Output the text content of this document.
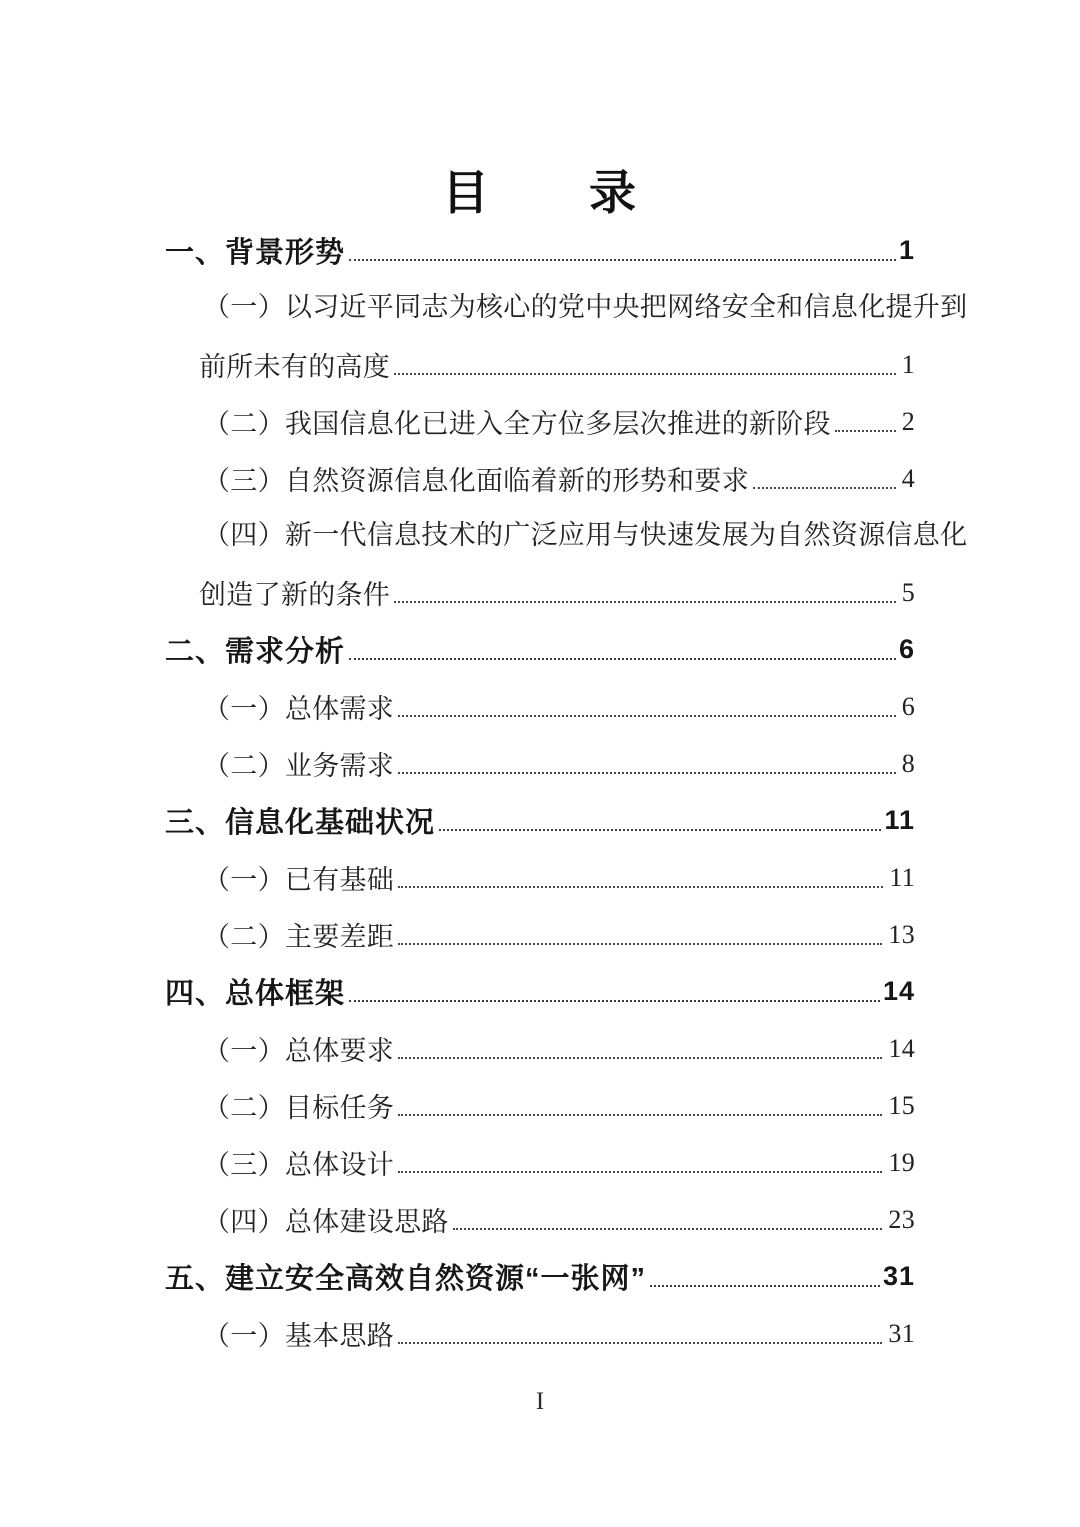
目　　录
一、背景形势	1
（一）以习近平同志为核心的党中央把网络安全和信息化提升到
前所未有的高度	1
（二）我国信息化已进入全方位多层次推进的新阶段	2
（三）自然资源信息化面临着新的形势和要求	4
（四）新一代信息技术的广泛应用与快速发展为自然资源信息化
创造了新的条件	5
二、需求分析	6
（一）总体需求	6
（二）业务需求	8
三、信息化基础状况	11
（一）已有基础	11
（二）主要差距	13
四、总体框架	14
（一）总体要求	14
（二）目标任务	15
（三）总体设计	19
（四）总体建设思路	23
五、建立安全高效自然资源“一张网”	31
（一）基本思路	31
I
